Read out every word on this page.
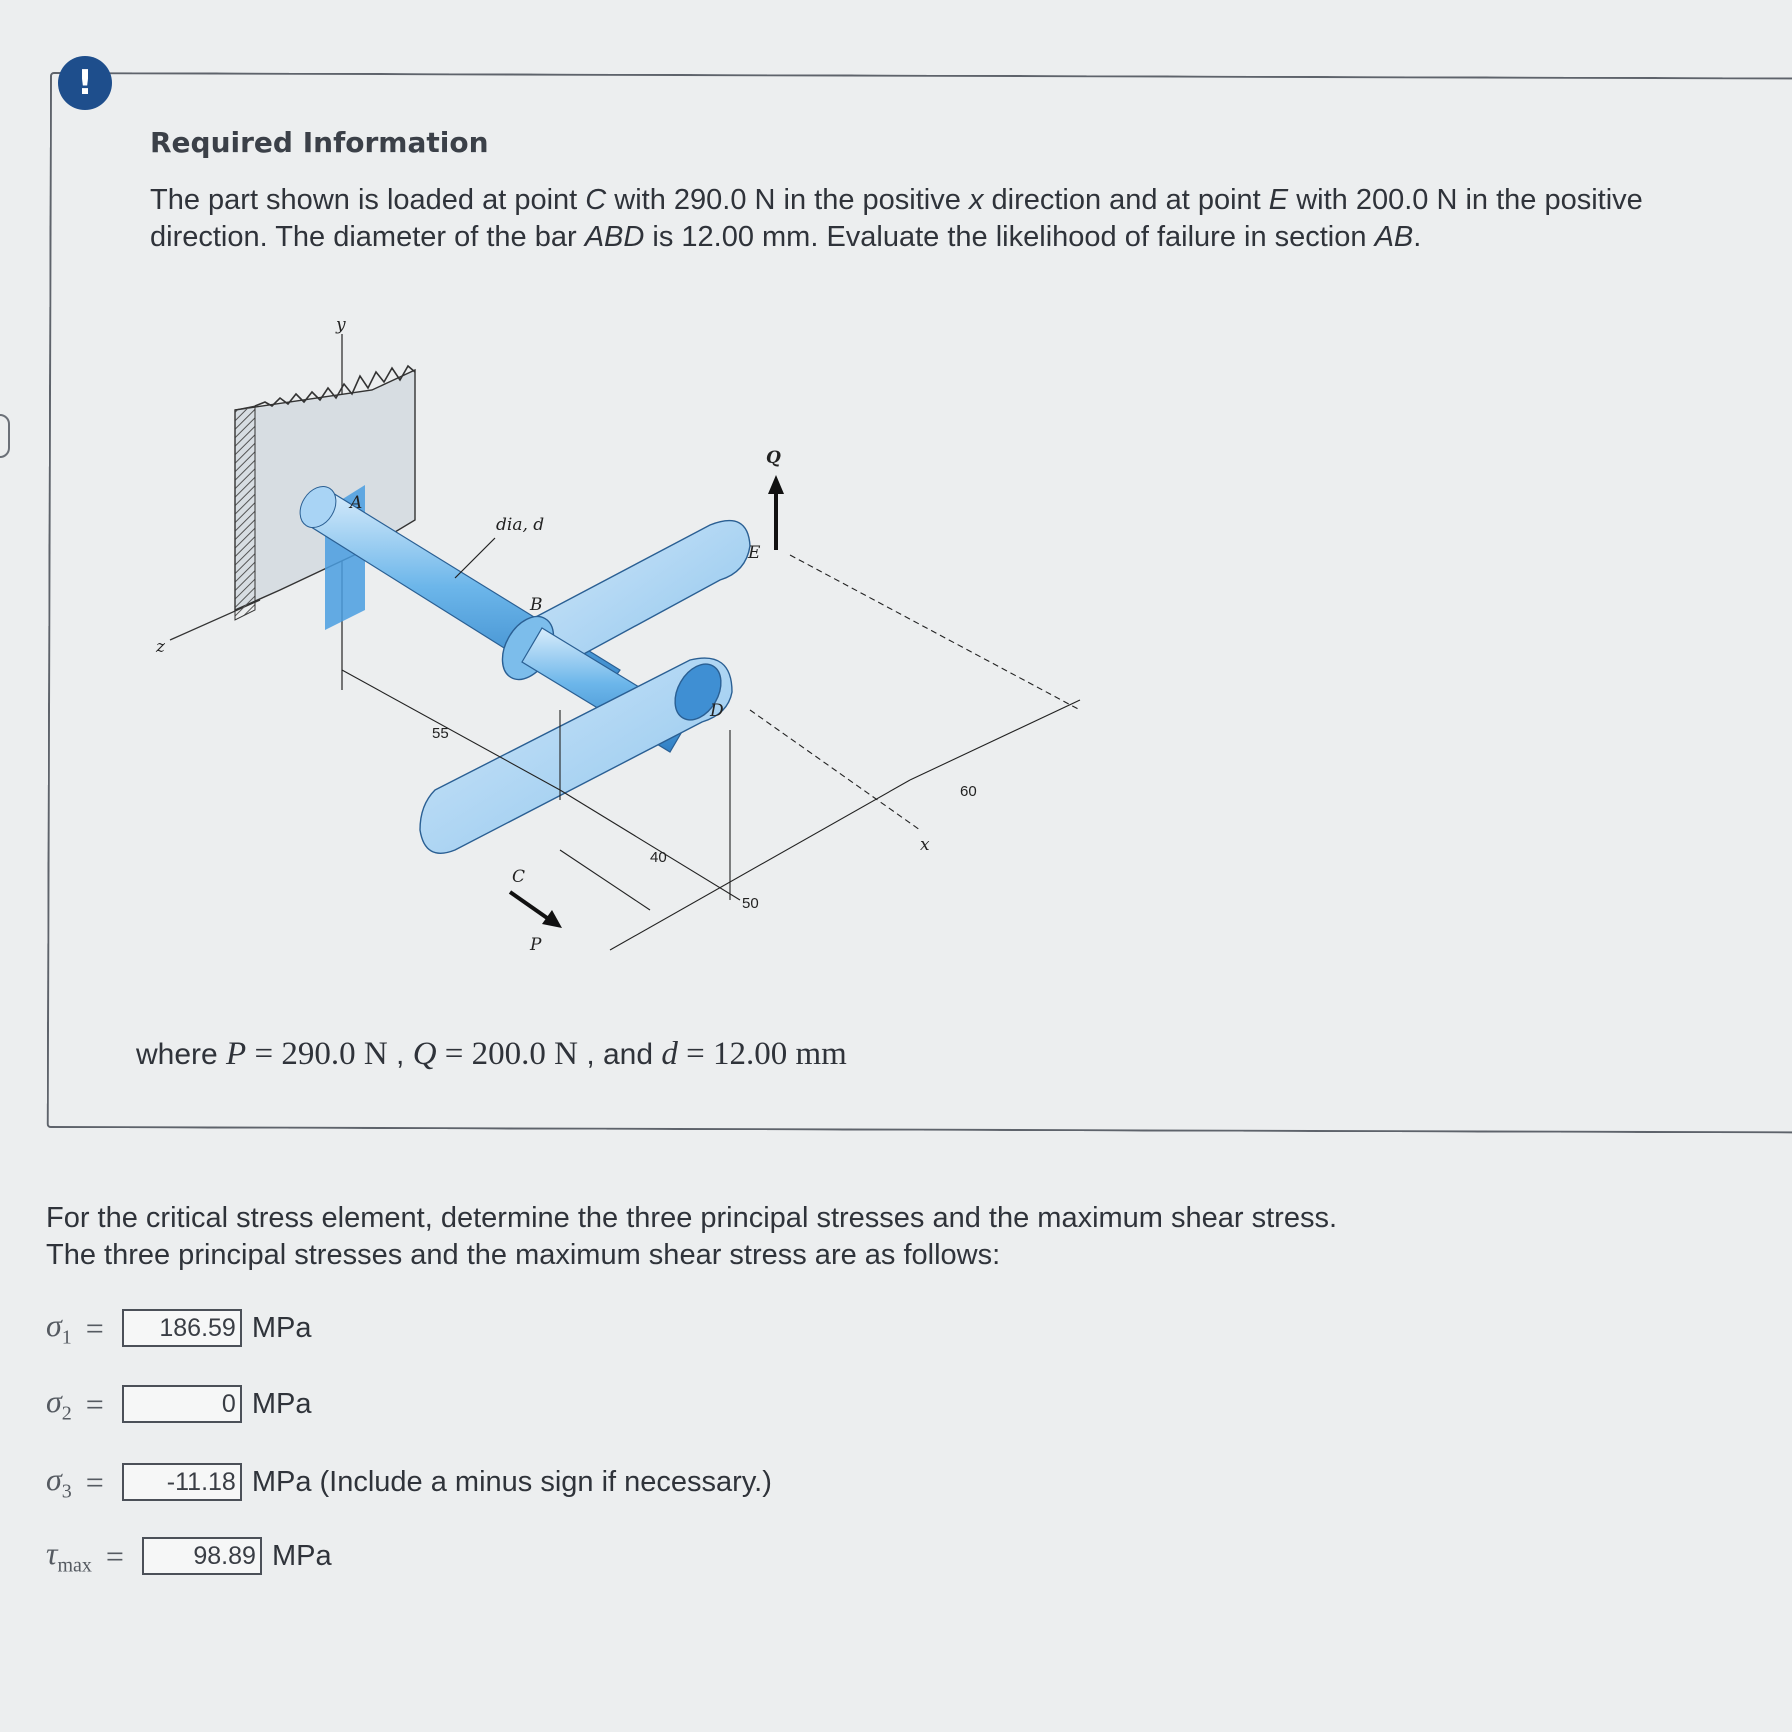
!
Required Information
The part shown is loaded at point C with 290.0 N in the positive x direction and at point E with 200.0 N in the positive
direction. The diameter of the bar ABD is 12.00 mm. Evaluate the likelihood of failure in section AB.
y
z
Q
P
A
B
C
D
E
dia, d
55
40
50
60
x
where P = 290.0 N , Q = 200.0 N , and d = 12.00 mm
For the critical stress element, determine the three principal stresses and the maximum shear stress.
The three principal stresses and the maximum shear stress are as follows:
$\sigma_1$ =	186.59 MPa
$\sigma_2$ =	0 MPa
$\sigma_3$ =	-11.18 MPa (Include a minus sign if necessary.)
$\tau_{max}$ =	98.89 MPa
